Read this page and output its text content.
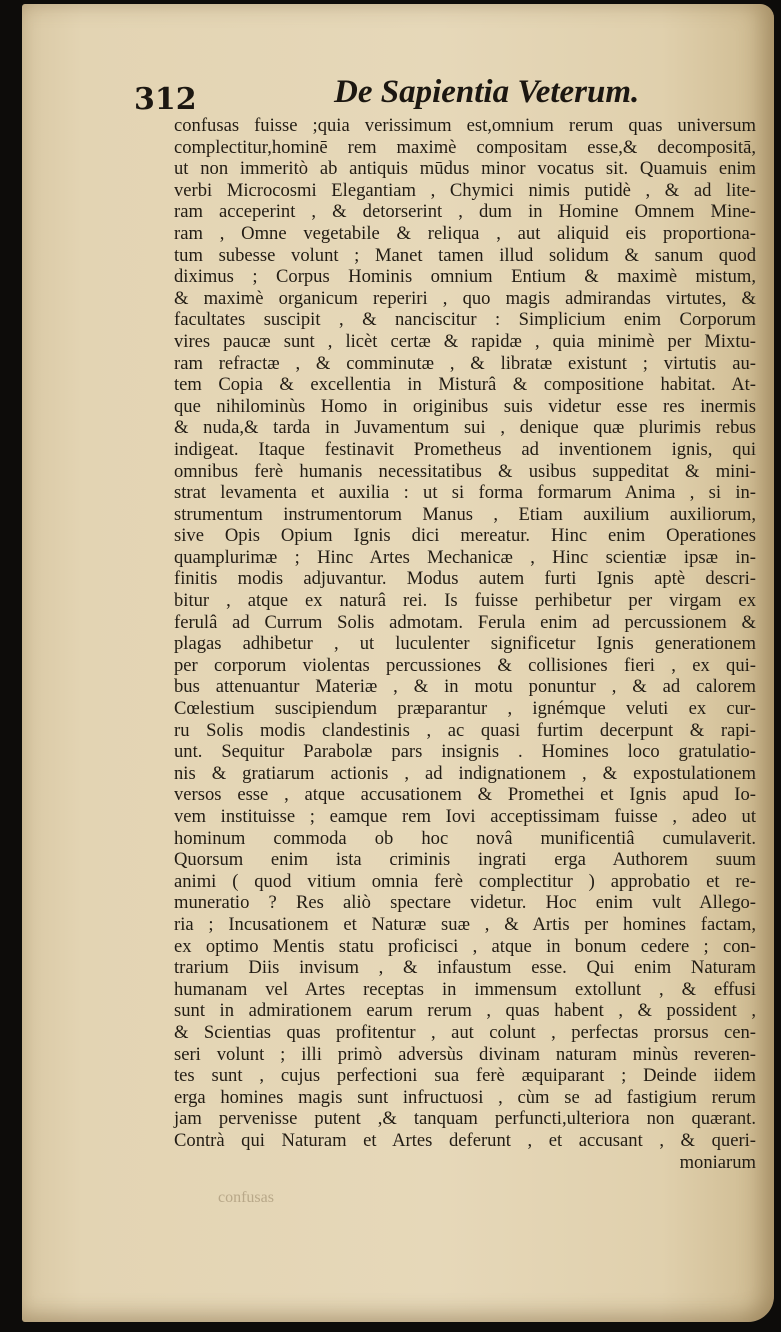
312	De Sapientia Veterum.
confusas
confusas fuisse ;quia verissimum est,omnium rerum quas universum
complectitur,hominē rem maximè compositam esse,& decompositā,
ut non immeritò ab antiquis mūdus minor vocatus sit. Quamuis enim
verbi Microcosmi Elegantiam , Chymici nimis putidè , & ad lite-
ram acceperint , & detorserint , dum in Homine Omnem Mine-
ram , Omne vegetabile & reliqua , aut aliquid eis proportiona-
tum subesse volunt ; Manet tamen illud solidum & sanum quod
diximus ; Corpus Hominis omnium Entium & maximè mistum,
& maximè organicum reperiri , quo magis admirandas virtutes, &
facultates suscipit , & nanciscitur : Simplicium enim Corporum
vires paucæ sunt , licèt certæ & rapidæ , quia minimè per Mixtu-
ram refractæ , & comminutæ , & libratæ existunt ; virtutis au-
tem Copia & excellentia in Misturâ & compositione habitat. At-
que nihilominùs Homo in originibus suis videtur esse res inermis
& nuda,& tarda in Juvamentum sui , denique quæ plurimis rebus
indigeat. Itaque festinavit Prometheus ad inventionem ignis, qui
omnibus ferè humanis necessitatibus & usibus suppeditat & mini-
strat levamenta et auxilia : ut si forma formarum Anima , si in-
strumentum instrumentorum Manus , Etiam auxilium auxiliorum,
sive Opis Opium Ignis dici mereatur. Hinc enim Operationes
quamplurimæ ; Hinc Artes Mechanicæ , Hinc scientiæ ipsæ in-
finitis modis adjuvantur. Modus autem furti Ignis aptè descri-
bitur , atque ex naturâ rei. Is fuisse perhibetur per virgam ex
ferulâ ad Currum Solis admotam. Ferula enim ad percussionem &
plagas adhibetur , ut luculenter significetur Ignis generationem
per corporum violentas percussiones & collisiones fieri , ex qui-
bus attenuantur Materiæ , & in motu ponuntur , & ad calorem
Cœlestium suscipiendum præparantur , ignémque veluti ex cur-
ru Solis modis clandestinis , ac quasi furtim decerpunt & rapi-
unt. Sequitur Parabolæ pars insignis . Homines loco gratulatio-
nis & gratiarum actionis , ad indignationem , & expostulationem
versos esse , atque accusationem & Promethei et Ignis apud Io-
vem instituisse ; eamque rem Iovi acceptissimam fuisse , adeo ut
hominum commoda ob hoc novâ munificentiâ cumulaverit.
Quorsum enim ista criminis ingrati erga Authorem suum
animi ( quod vitium omnia ferè complectitur ) approbatio et re-
muneratio ? Res aliò spectare videtur. Hoc enim vult Allego-
ria ; Incusationem et Naturæ suæ , & Artis per homines factam,
ex optimo Mentis statu proficisci , atque in bonum cedere ; con-
trarium Diis invisum , & infaustum esse. Qui enim Naturam
humanam vel Artes receptas in immensum extollunt , & effusi
sunt in admirationem earum rerum , quas habent , & possident ,
& Scientias quas profitentur , aut colunt , perfectas prorsus cen-
seri volunt ; illi primò adversùs divinam naturam minùs reveren-
tes sunt , cujus perfectioni sua ferè æquiparant ; Deinde iidem
erga homines magis sunt infructuosi , cùm se ad fastigium rerum
jam pervenisse putent ,& tanquam perfuncti,ulteriora non quærant.
Contrà qui Naturam et Artes deferunt , et accusant , & queri-
moniarum
